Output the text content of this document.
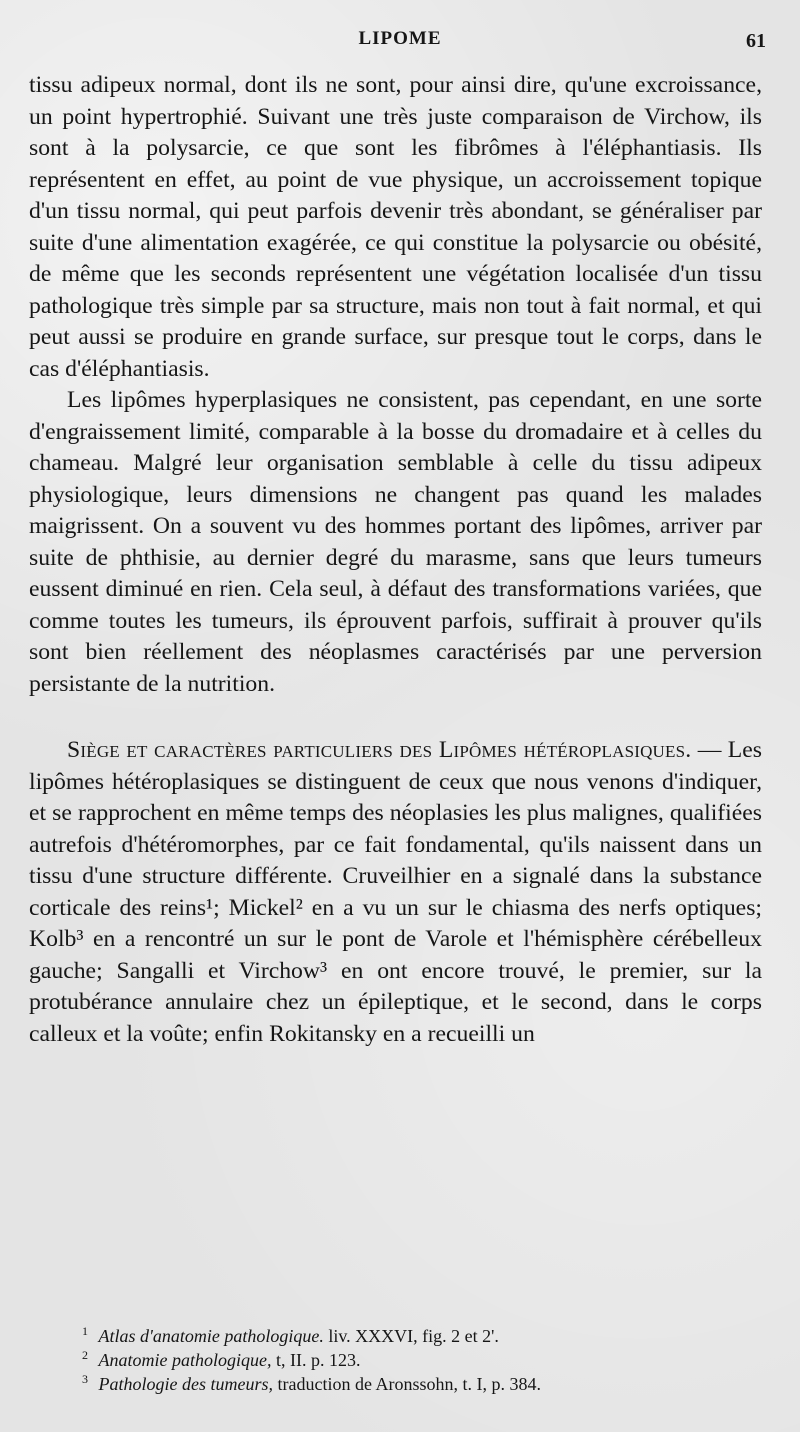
LIPOME	61
tissu adipeux normal, dont ils ne sont, pour ainsi dire, qu'une excroissance, un point hypertrophié. Suivant une très juste comparaison de Virchow, ils sont à la polysarcie, ce que sont les fibrômes à l'éléphantiasis. Ils représentent en effet, au point de vue physique, un accroissement topique d'un tissu normal, qui peut parfois devenir très abondant, se généraliser par suite d'une alimentation exagérée, ce qui constitue la polysarcie ou obésité, de même que les seconds représentent une végétation localisée d'un tissu pathologique très simple par sa structure, mais non tout à fait normal, et qui peut aussi se produire en grande surface, sur presque tout le corps, dans le cas d'éléphantiasis.
Les lipômes hyperplasiques ne consistent, pas cependant, en une sorte d'engraissement limité, comparable à la bosse du dromadaire et à celles du chameau. Malgré leur organisation semblable à celle du tissu adipeux physiologique, leurs dimensions ne changent pas quand les malades maigrissent. On a souvent vu des hommes portant des lipômes, arriver par suite de phthisie, au dernier degré du marasme, sans que leurs tumeurs eussent diminué en rien. Cela seul, à défaut des transformations variées, que comme toutes les tumeurs, ils éprouvent parfois, suffirait à prouver qu'ils sont bien réellement des néoplasmes caractérisés par une perversion persistante de la nutrition.
Siège et caractères particuliers des Lipômes hétéroplasiques. — Les lipômes hétéroplasiques se distinguent de ceux que nous venons d'indiquer, et se rapprochent en même temps des néoplasies les plus malignes, qualifiées autrefois d'hétéromorphes, par ce fait fondamental, qu'ils naissent dans un tissu d'une structure différente. Cruveilhier en a signalé dans la substance corticale des reins¹; Mickel² en a vu un sur le chiasma des nerfs optiques; Kolb³ en a rencontré un sur le pont de Varole et l'hémisphère cérébelleux gauche; Sangalli et Virchow³ en ont encore trouvé, le premier, sur la protubérance annulaire chez un épileptique, et le second, dans le corps calleux et la voûte; enfin Rokitansky en a recueilli un

1 Atlas d'anatomie pathologique. liv. XXXVI, fig. 2 et 2'.

2 Anatomie pathologique, t, II. p. 123.

3 Pathologie des tumeurs, traduction de Aronssohn, t. I, p. 384.
